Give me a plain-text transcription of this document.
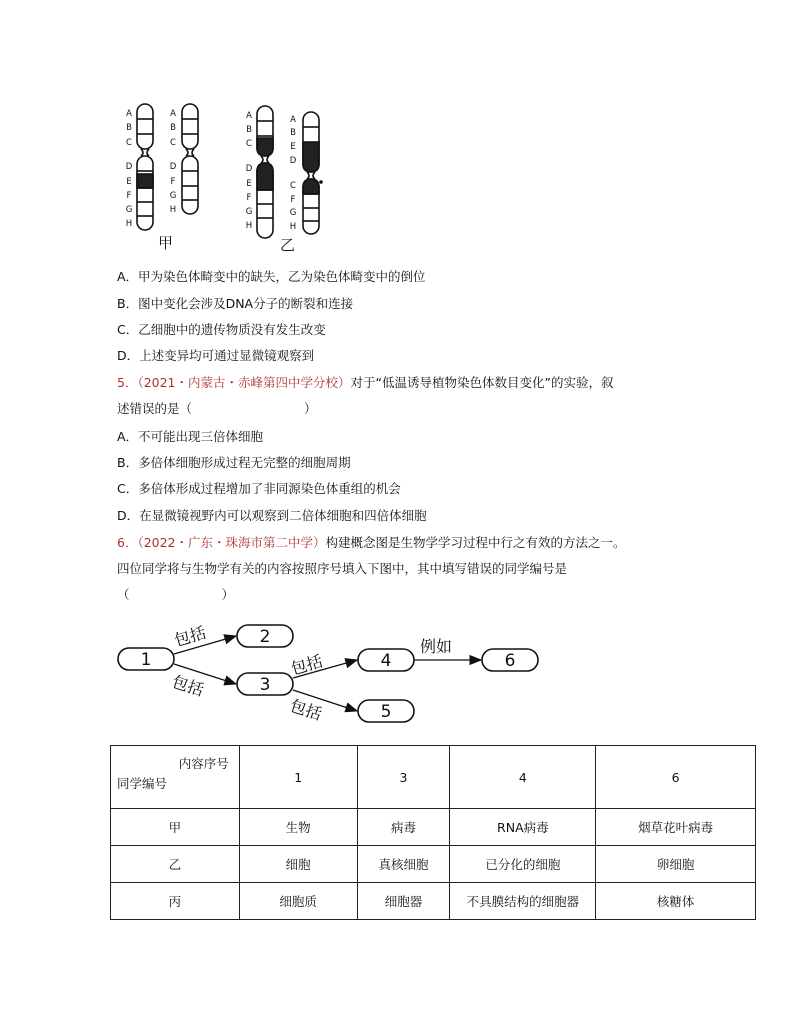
A
B
C
D
E
F
G
H
A
B
C
D
F
G
H
A
B
C
D
E
F
G
H
A
B
E
D
C
F
G
H
甲	乙
A．甲为染色体畸变中的缺失，乙为染色体畸变中的倒位
B．图中变化会涉及DNA分子的断裂和连接
C．乙细胞中的遗传物质没有发生改变
D．上述变异均可通过显微镜观察到
5．（2021・内蒙古・赤峰第四中学分校）对于“低温诱导植物染色体数目变化”的实验，叙
述错误的是（	）
A．不可能出现三倍体细胞
B．多倍体细胞形成过程无完整的细胞周期
C．多倍体形成过程增加了非同源染色体重组的机会
D．在显微镜视野内可以观察到二倍体细胞和四倍体细胞
6．（2022・广东・珠海市第二中学）构建概念图是生物学学习过程中行之有效的方法之一。
四位同学将与生物学有关的内容按照序号填入下图中，其中填写错误的同学编号是
（	）
1
2
3
4
5
6
包括
包括
包括
包括
例如
内容序号
同学编号	1	3	4	6
甲	生物	病毒	RNA病毒	烟草花叶病毒
乙	细胞	真核细胞	已分化的细胞	卵细胞
丙	细胞质	细胞器	不具膜结构的细胞器	核糖体
